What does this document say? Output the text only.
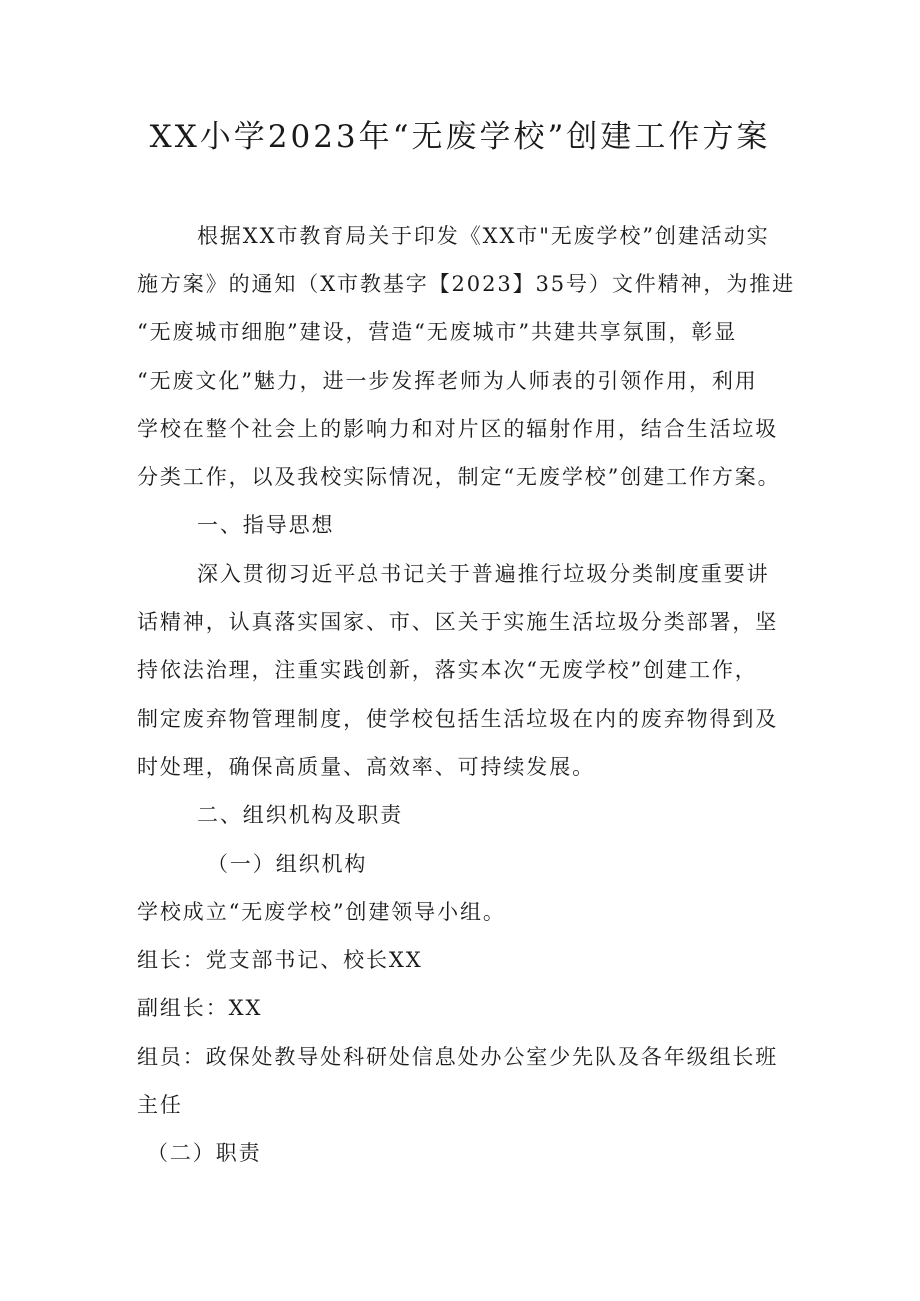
XX小学2023年“无废学校”创建工作方案
根据XX市教育局关于印发《XX市"无废学校”创建活动实
施方案》的通知（X市教基字【2023】35号）文件精神，为推进
“无废城市细胞”建设，营造“无废城市”共建共享氛围，彰显
“无废文化”魅力，进一步发挥老师为人师表的引领作用，利用
学校在整个社会上的影响力和对片区的辐射作用，结合生活垃圾
分类工作，以及我校实际情况，制定“无废学校”创建工作方案。
一、指导思想
深入贯彻习近平总书记关于普遍推行垃圾分类制度重要讲
话精神，认真落实国家、市、区关于实施生活垃圾分类部署，坚
持依法治理，注重实践创新，落实本次“无废学校”创建工作，
制定废弃物管理制度，使学校包括生活垃圾在内的废弃物得到及
时处理，确保高质量、高效率、可持续发展。
二、组织机构及职责
（一）组织机构
学校成立“无废学校”创建领导小组。
组长：党支部书记、校长XX
副组长：XX
组员：政保处教导处科研处信息处办公室少先队及各年级组长班
主任
（二）职责
